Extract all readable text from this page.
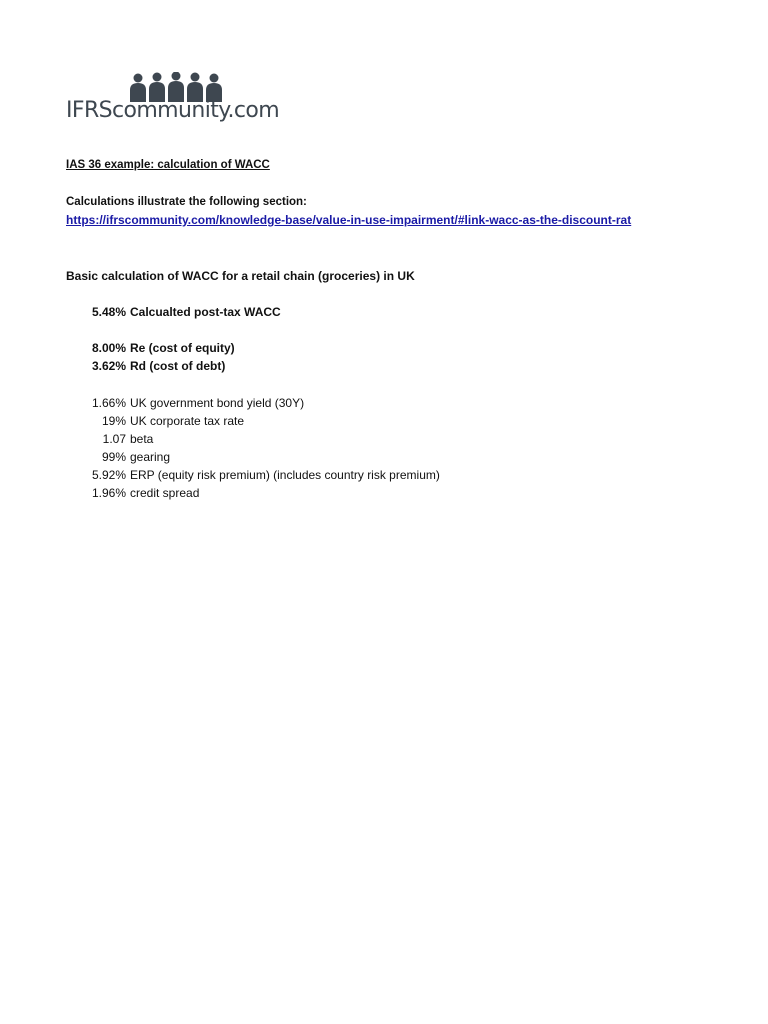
IFRScommunity.com
IAS 36 example: calculation of WACC
Calculations illustrate the following section:
https://ifrscommunity.com/knowledge-base/value-in-use-impairment/#link-wacc-as-the-discount-rat
Basic calculation of WACC for a retail chain (groceries) in UK
5.48% Calcualted post-tax WACC
8.00% Re (cost of equity)
3.62% Rd (cost of debt)
1.66% UK government bond yield (30Y)
19% UK corporate tax rate
1.07 beta
99% gearing
5.92% ERP (equity risk premium) (includes country risk premium)
1.96% credit spread
